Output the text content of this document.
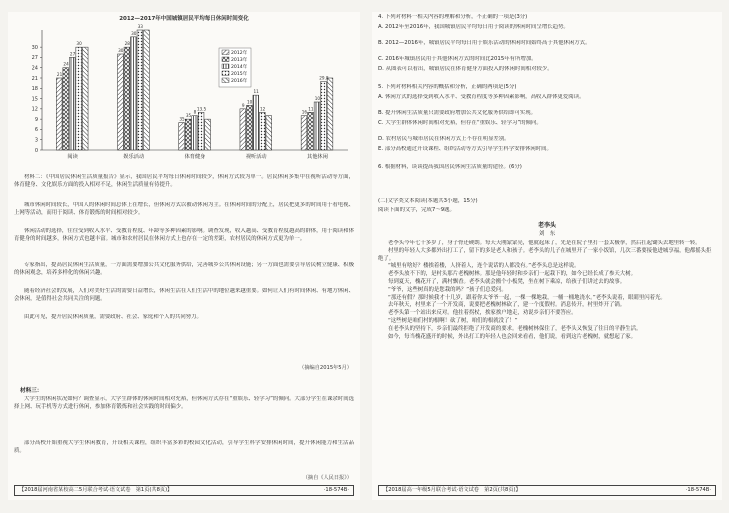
2012—2017年中国城镇居民平均每日休闲时间变化
0
3
6
9
12
15
18
21
24
27
30
21
24
27
30
阅读
30
28
30
33
娱乐活动
35
35
8
13.5
体育健身
9
10
11
12
视听活动
16
11
10
29.8
其他休闲
2012年
2013年
2014年
2015年
2016年
材料二：《中国居民休闲生活质量报告》显示，我国居民平均每日休闲时间较少，休闲方式较为单一。居民休闲多集中在视听活动等方面，体育健身、文化娱乐方面的投入相对不足，休闲生活质量有待提升。
城市休闲时间较长，中国人的休闲时间总体上在增长，但休闲方式以被动休闲为主。在休闲时间的分配上，居民把更多的时间用于看电视、上网等活动，而用于阅读、体育锻炼的时间相对较少。
休闲活动的选择，往往受到收入水平、受教育程度、年龄等多种因素的影响。调查发现，收入越高、受教育程度越高的群体，用于阅读和体育健身的时间越多，休闲方式也越丰富。城市和农村居民在休闲方式上也存在一定的差距，农村居民的休闲方式更为单一。
专家指出，提高居民休闲生活质量，一方面需要增加公共文化服务供给，完善城乡公共休闲设施；另一方面也需要引导居民树立健康、积极的休闲观念，培养多样化的休闲兴趣。
随着经济社会的发展，人们对美好生活的需要日益增长，休闲生活在人们生活中的地位越来越重要。如何让人们有时间休闲、有地方休闲、会休闲，是值得社会共同关注的问题。
由此可见，提升居民休闲质量，需要政府、社会、家庭和个人的共同努力。
（摘编自2015年5月）
材料三：
大学生的休闲状况如何？调查显示，大学生群体的休闲时间相对充裕，但休闲方式存在“重娱乐、轻学习”的倾向。大部分学生在课余时间选择上网、玩手机等方式进行休闲，参加体育锻炼和社会实践的时间偏少。
部分高校开始重视大学生休闲教育，开设相关课程，组织丰富多彩的校园文化活动，引导学生科学安排休闲时间，提升休闲能力和生活品质。
（摘自《人民日报》）
【2018届河南省某校高二5月联合考试·语文试卷　第1页(共8页)】	·18-574B·
4. 下列对材料一相关内容的理解和分析，不正确的一项是(3分)
A. 2012年至2016年，我国城镇居民平均每日用于阅读的休闲时间呈增长趋势。
B. 2012—2016年，城镇居民平均每日用于娱乐活动的休闲时间始终高于其他休闲方式。
C. 2016年城镇居民用于其他休闲方式的时间比2015年有所增加。
D. 从图表可以看出，城镇居民在体育健身方面投入的休闲时间相对较少。
5. 下列对材料相关内容的概括和分析，正确的两项是(5分)
A. 休闲方式的选择受到收入水平、受教育程度等多种因素影响，高收入群体更爱阅读。
B. 提升休闲生活质量只需要政府增加公共文化服务供给即可实现。
C. 大学生群体休闲时间相对充裕，但存在“重娱乐、轻学习”的倾向。
D. 农村居民与城市居民在休闲方式上不存在明显差别。
E. 部分高校通过开设课程、组织活动等方式引导学生科学安排休闲时间。
6. 根据材料，谈谈提高我国居民休闲生活质量的途径。(6分)
(二)文学类文本阅读(本题共3小题，15分)
阅读下面的文字，完成7～9题。
老李头
刘　东
老李头今年七十多岁了，身子骨还硬朗。每天天刚蒙蒙亮，他就起床了，先是在院子里打一套太极拳，然后扛起锄头去地里转一转。
村里的年轻人大多都外出打工了，留下的多是老人和孩子。老李头的儿子在城里开了一家小饭馆，几次三番要接他进城享福，他都摇头拒绝了。
“城里有啥好？楼挨着楼，人挤着人，连个说话的人都没有。”老李头总是这样说。
老李头放不下的，是村头那片老槐树林。那是他年轻时和乡亲们一起栽下的，如今已经长成了参天大树。
每到夏天，槐花开了，满村飘香。老李头就会搬个小板凳，坐在树下乘凉，给孩子们讲过去的故事。
“爷爷，这些树真的是您栽的吗？”孩子们总爱问。
“那还有假？那时候我才十几岁，跟着你太爷爷一起，一棵一棵地栽，一桶一桶地浇水。”老李头说着，眼睛里闪着光。
去年秋天，村里来了一个开发商，说要把老槐树林砍了，建一个度假村。消息传开，村里炸开了锅。
老李头第一个站出来反对。他拄着拐杖，挨家挨户地走，劝说乡亲们不要答应。
“这些树是咱们村的根啊！砍了树，咱们的根就没了！”
在老李头的坚持下，乡亲们最终拒绝了开发商的要求。老槐树林保住了，老李头又恢复了往日的平静生活。
如今，每当槐花盛开的时候，外出打工的年轻人也会回来看看，他们说，看到这片老槐树，就想起了家。
【2018届高一年级5月联合考试·语文试卷　第2页(共8页)】	·18-574B·
